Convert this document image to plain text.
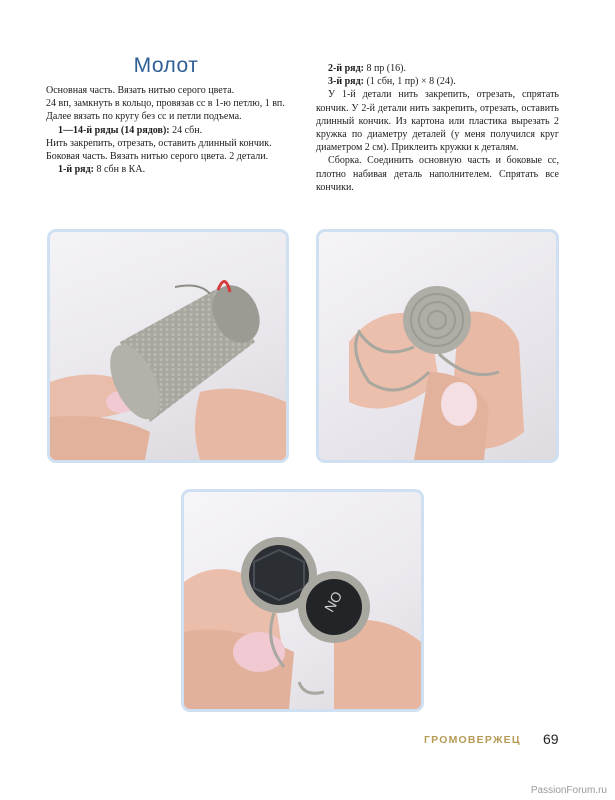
Молот

Основная часть. Вязать нитью серого цвета.

24 вп, замкнуть в кольцо, провязав сс в 1-ю петлю, 1 вп.

Далее вязать по кругу без сс и петли подъема.

1—14-й ряды (14 рядов): 24 сбн.

Нить закрепить, отрезать, оставить длинный кончик.

Боковая часть. Вязать нитью серого цвета. 2 детали.

1-й ряд: 8 сбн в КА.

2-й ряд: 8 пр (16).

3-й ряд: (1 сбн, 1 пр) × 8 (24).

У 1-й детали нить закрепить, отрезать, спрятать кончик. У 2-й детали нить закрепить, отрезать, оставить длинный кончик. Из картона или пластика вырезать 2 кружка по диаметру деталей (у меня получился круг диаметром 2 см). Приклеить кружки к деталям.

Сборка. Соединить основную часть и боковые сс, плотно набивая деталь наполнителем. Спрятать все кончики.

NO
ГРОМОВЕРЖЕЦ 69
PassionForum.ru
